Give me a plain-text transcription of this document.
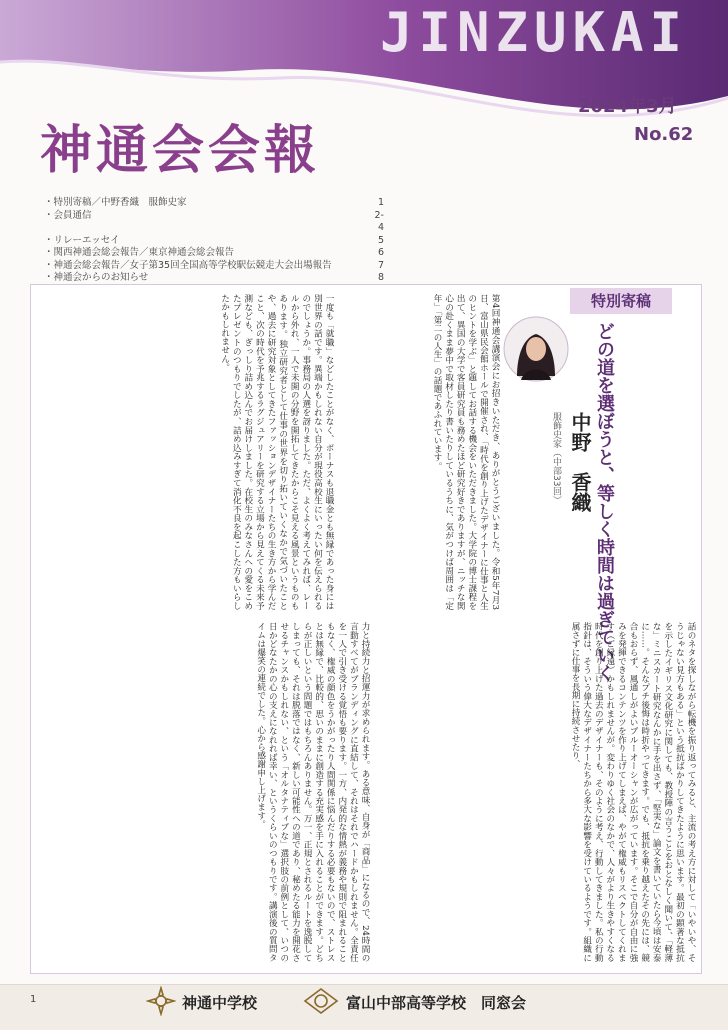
JINZUKAI
神通会会報
2024年3月
No.62
・特別寄稿／中野香織　服飾史家	1
・会員通信	2-4
・リレーエッセイ	5
・関西神通会総会報告／東京神通会総会報告	6
・神通会総会報告／女子第35回全国高等学校駅伝競走大会出場報告	7
・神通会からのお知らせ	8
特別寄稿
どの道を選ぼうと、等しく時間は過ぎていく
中野　香織
服飾史家（中部33回）
第4回神通会講演会にお招きいただき、ありがとうございました。令和5年7月3日、富山県民会館ホールで開催され、「時代を創り上げたデザイナーに仕事と人生のヒントを学ぶ」と題してお話する機会をいただきました。大学院の博士課程を出て、異国の大学で客員研究員も務めたほど研究好きでありますが、ニッチな関心の赴くまま夢中で取材したり書いたりしているうちに、気がつけば周囲は「定年」「第二の人生」の話題であふれています。
一度も「就職」などしたことがなく、ボーナスも退職金とも無縁であった身には別世界の話です。異端かもしれない自分が現役高校生にいったい何を伝えられるのでしょうか。事務局の人選を訝りました。ただ、よくよく考えてみれば、レールから外れ、一人で未開の分野を開拓してきたからこそ見える風景というものもあります。独立研究者として仕事の世界を切り拓いていくなかで気づいたことや、過去に研究対象としてきたファッションデザイナーたちの生き方から学んだこと、次の時代を予兆するラグジュアリーを研究する立場から見えてくる未来予測なども、ぎっしり詰め込んでお届けしました。在校生のみなさんへの愛をこめたプレゼントのつもりでしたが、詰め込みすぎて消化不良を起こした方もいらしたかもしれません。
話のネタを探しながら転機を振り返ってみると、主流の考え方に対して「いやいや、そうじゃない見方もある」という抵抗ばかりしてきたように思います。最初の顕著な抵抗を示したイギリス文化研究に関しても、教授陣の言うことをおとなしく聞いて、「軽薄な」ミニスカート研究なんかに手を出さず、「堅実な」論文を書いていたら今頃は安泰に……。そんなプチ後悔は時折やってきます。でも、抵抗を乗り越えたその先には、競合もおらず、風通しがよいブルーオーシャンが広がっています。そこで自分が自由に強みを発揮できるコンテンツを作り上げてしまえば、やがて権威もリスペクトしてくれます（ご縁遠）かもしれませんが。変わりゆく社会のなかで、人々がより生きやすくなる時代を創り上げた過去のデザイナーも、そのように考え、行動してきました。私の行動指針は、そういう偉大なデザイナーたちから多大な影響を受けているようです。組織に属さずに仕事を長期に持続させたり、
力と持続力と招運力が求められます。ある意味、自身が「商品」になるので、24時間の言動すべてがブランディングに直結して、それはそれでハードかもしれません。全責任を一人で引き受ける覚悟も要ります。一方、内発的な情熱が義務や規則で阻まれることもなく、権威の顔色をうかがったり人間関係に悩んだりする必要もないので、ストレスとは無縁で、比較的、思いのままに創造する充実感を手に入れることができます。どちらが正しいという問題ではもちろんありません。万一、正規とされるルートを逸脱してしまっても、それは脱落ではなく、新しい可能性への道であり、秘めたる能力を開花させるチャンスかもしれない、という「オルタナティブな」選択肢の前例として、いつの日かどなたかの心の支えになれれば幸い、というくらいのつもりです。講演後の質問タイムは爆笑の連続でした。心から感謝申し上げます。
1	神通中学校	富山中部高等学校　同窓会
